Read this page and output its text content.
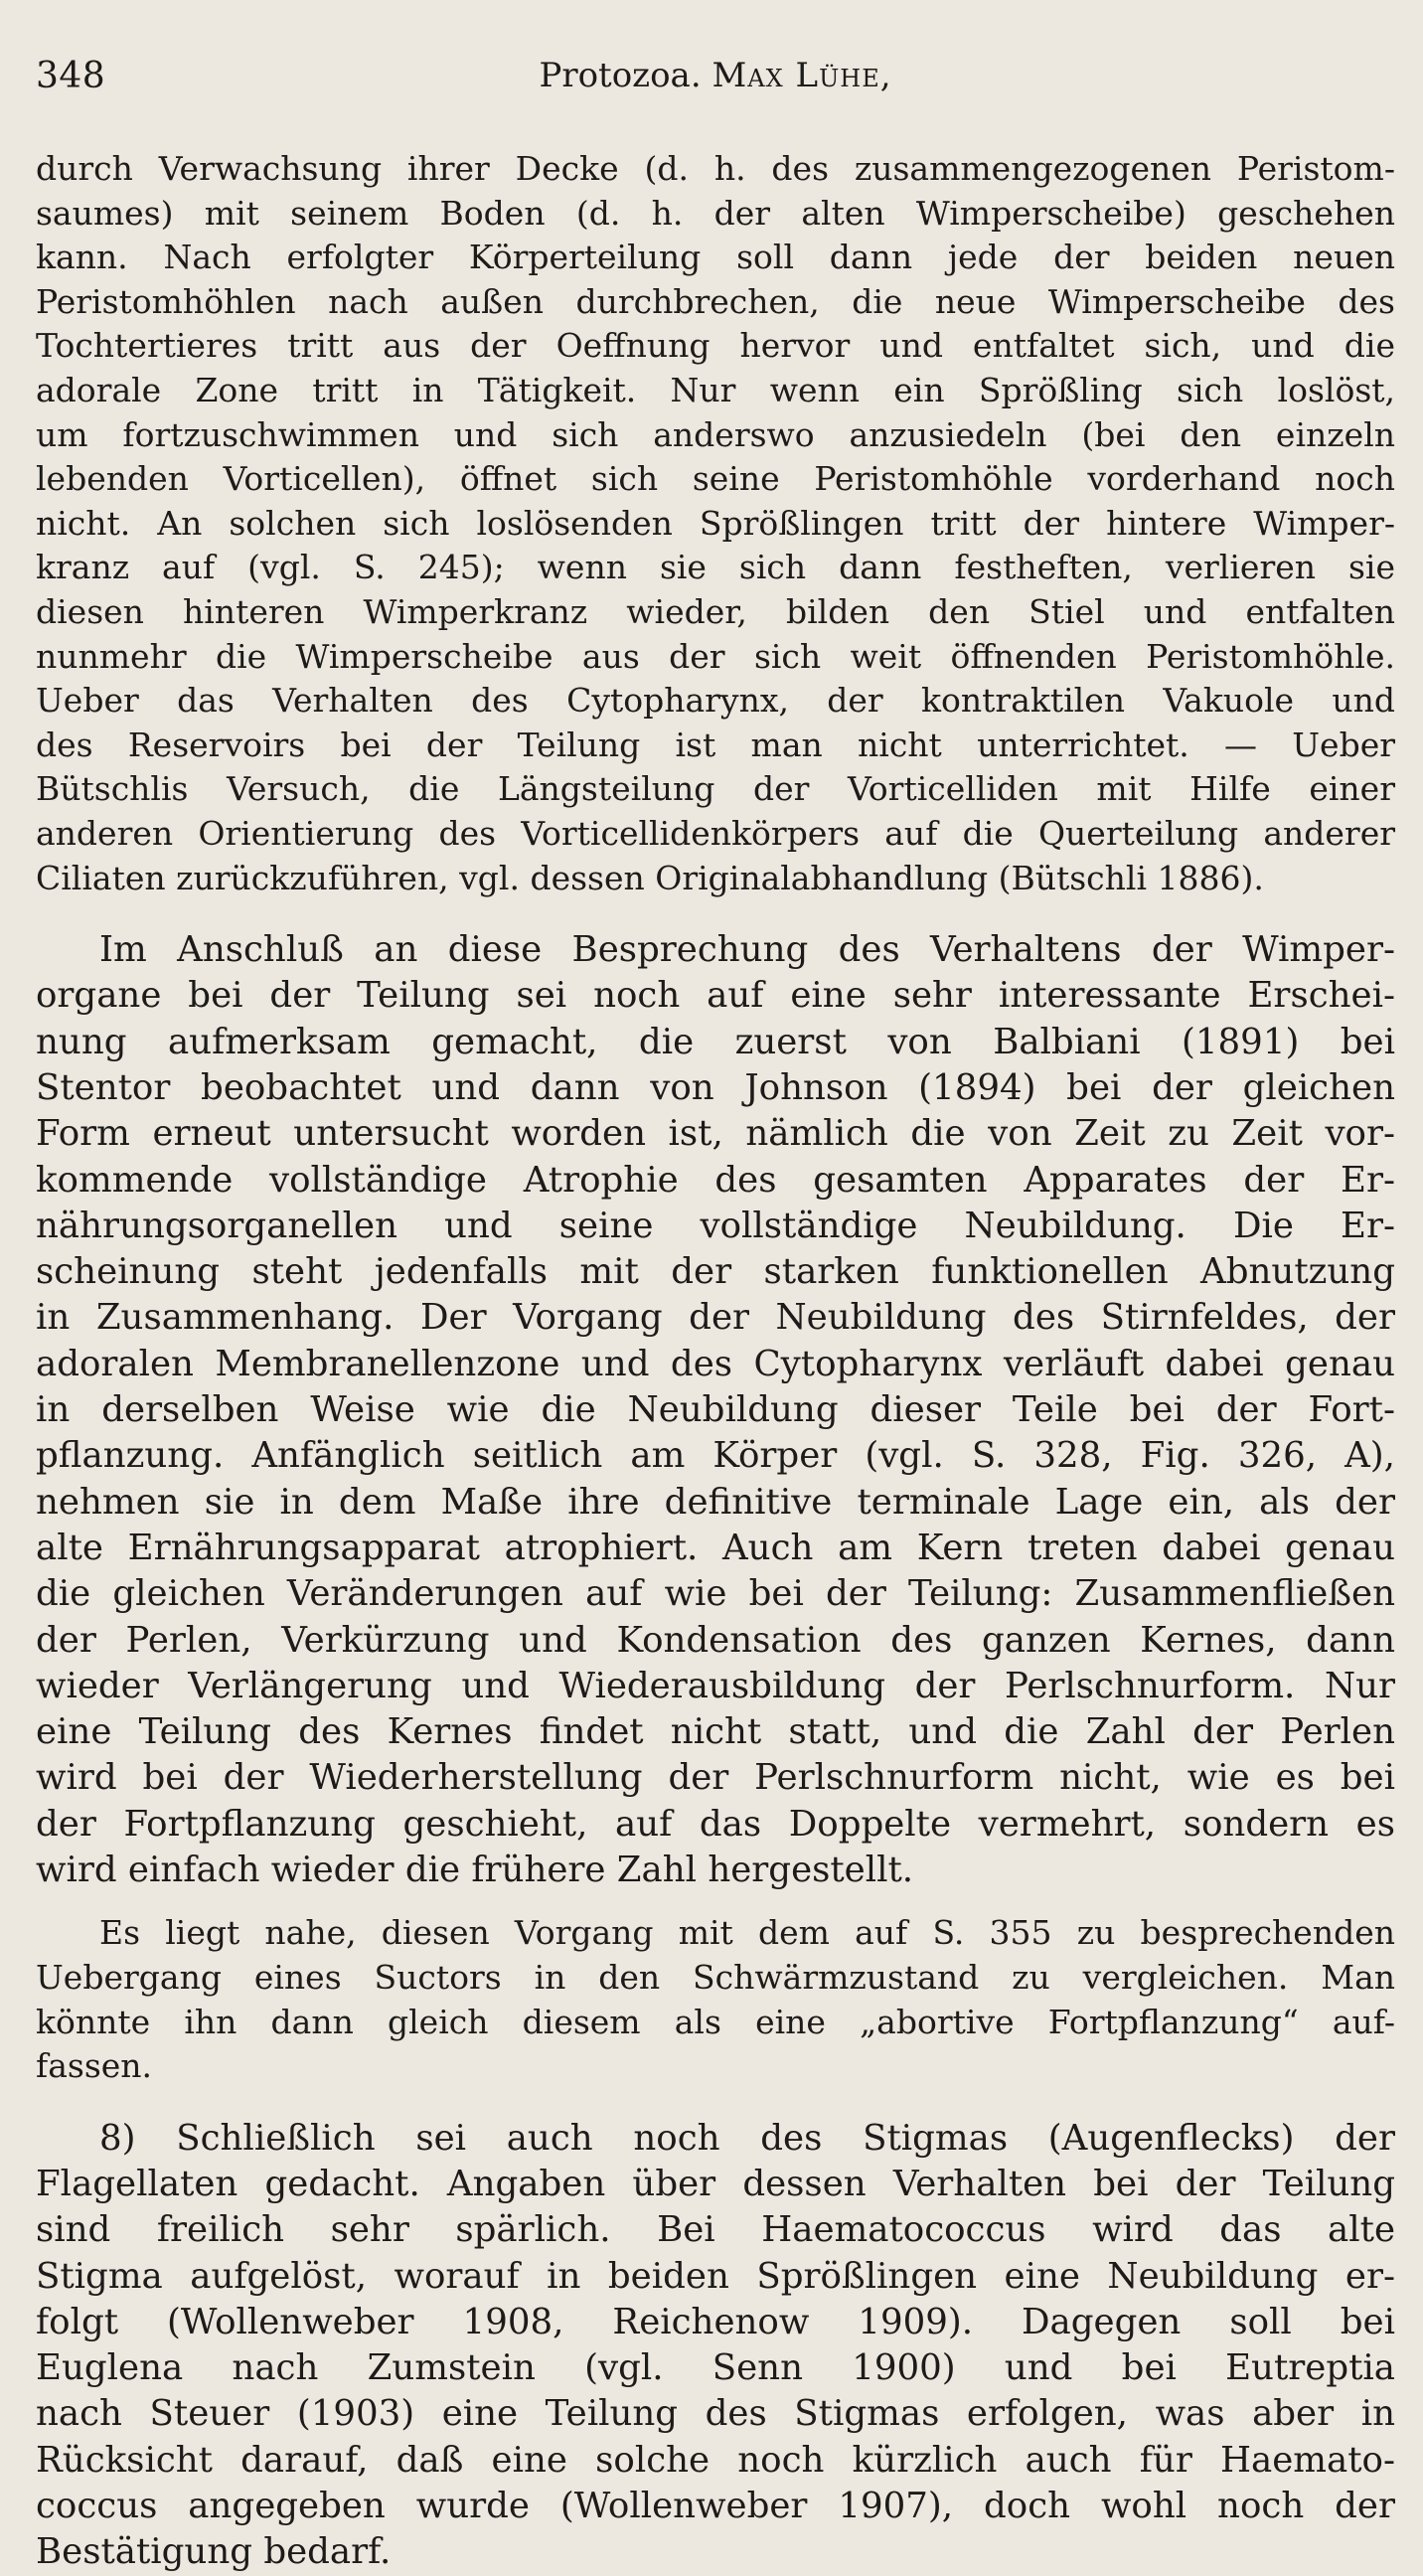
348	Protozoa. Max Lühe,
durch Verwachsung ihrer Decke (d. h. des zusammengezogenen Peristom-
saumes) mit seinem Boden (d. h. der alten Wimperscheibe) geschehen
kann. Nach erfolgter Körperteilung soll dann jede der beiden neuen
Peristomhöhlen nach außen durchbrechen, die neue Wimperscheibe des
Tochtertieres tritt aus der Oeffnung hervor und entfaltet sich, und die
adorale Zone tritt in Tätigkeit. Nur wenn ein Sprößling sich loslöst,
um fortzuschwimmen und sich anderswo anzusiedeln (bei den einzeln
lebenden Vorticellen), öffnet sich seine Peristomhöhle vorderhand noch
nicht. An solchen sich loslösenden Sprößlingen tritt der hintere Wimper-
kranz auf (vgl. S. 245); wenn sie sich dann festheften, verlieren sie
diesen hinteren Wimperkranz wieder, bilden den Stiel und entfalten
nunmehr die Wimperscheibe aus der sich weit öffnenden Peristomhöhle.
Ueber das Verhalten des Cytopharynx, der kontraktilen Vakuole und
des Reservoirs bei der Teilung ist man nicht unterrichtet. — Ueber
Bütschlis Versuch, die Längsteilung der Vorticelliden mit Hilfe einer
anderen Orientierung des Vorticellidenkörpers auf die Querteilung anderer
Ciliaten zurückzuführen, vgl. dessen Originalabhandlung (Bütschli 1886).
Im Anschluß an diese Besprechung des Verhaltens der Wimper-
organe bei der Teilung sei noch auf eine sehr interessante Erschei-
nung aufmerksam gemacht, die zuerst von Balbiani (1891) bei
Stentor beobachtet und dann von Johnson (1894) bei der gleichen
Form erneut untersucht worden ist, nämlich die von Zeit zu Zeit vor-
kommende vollständige Atrophie des gesamten Apparates der Er-
nährungsorganellen und seine vollständige Neubildung. Die Er-
scheinung steht jedenfalls mit der starken funktionellen Abnutzung
in Zusammenhang. Der Vorgang der Neubildung des Stirnfeldes, der
adoralen Membranellenzone und des Cytopharynx verläuft dabei genau
in derselben Weise wie die Neubildung dieser Teile bei der Fort-
pflanzung. Anfänglich seitlich am Körper (vgl. S. 328, Fig. 326, A),
nehmen sie in dem Maße ihre definitive terminale Lage ein, als der
alte Ernährungsapparat atrophiert. Auch am Kern treten dabei genau
die gleichen Veränderungen auf wie bei der Teilung: Zusammenfließen
der Perlen, Verkürzung und Kondensation des ganzen Kernes, dann
wieder Verlängerung und Wiederausbildung der Perlschnurform. Nur
eine Teilung des Kernes findet nicht statt, und die Zahl der Perlen
wird bei der Wiederherstellung der Perlschnurform nicht, wie es bei
der Fortpflanzung geschieht, auf das Doppelte vermehrt, sondern es
wird einfach wieder die frühere Zahl hergestellt.
Es liegt nahe, diesen Vorgang mit dem auf S. 355 zu besprechenden
Uebergang eines Suctors in den Schwärmzustand zu vergleichen. Man
könnte ihn dann gleich diesem als eine „abortive Fortpflanzung“ auf-
fassen.
8) Schließlich sei auch noch des Stigmas (Augenflecks) der
Flagellaten gedacht. Angaben über dessen Verhalten bei der Teilung
sind freilich sehr spärlich. Bei Haematococcus wird das alte
Stigma aufgelöst, worauf in beiden Sprößlingen eine Neubildung er-
folgt (Wollenweber 1908, Reichenow 1909). Dagegen soll bei
Euglena nach Zumstein (vgl. Senn 1900) und bei Eutreptia
nach Steuer (1903) eine Teilung des Stigmas erfolgen, was aber in
Rücksicht darauf, daß eine solche noch kürzlich auch für Haemato-
coccus angegeben wurde (Wollenweber 1907), doch wohl noch der
Bestätigung bedarf.
